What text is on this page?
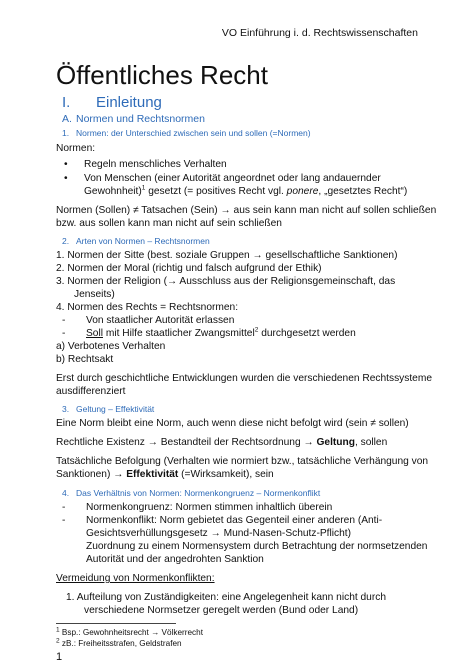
VO Einführung i. d. Rechtswissenschaften
Öffentliches Recht
I. Einleitung
A. Normen und Rechtsnormen
1. Normen: der Unterschied zwischen sein und sollen (=Normen)
Normen:
• Regeln menschliches Verhalten
• Von Menschen (einer Autorität angeordnet oder lang andauernder
Gewohnheit)$^1$ gesetzt (= positives Recht vgl. ponere, „gesetztes Recht“)
Normen (Sollen) ≠ Tatsachen (Sein) → aus sein kann man nicht auf sollen schließen
bzw. aus sollen kann man nicht auf sein schließen
2. Arten von Normen – Rechtsnormen
1. Normen der Sitte (best. soziale Gruppen → gesellschaftliche Sanktionen)
2. Normen der Moral (richtig und falsch aufgrund der Ethik)
3. Normen der Religion (→ Ausschluss aus der Religionsgemeinschaft, das
Jenseits)
4. Normen des Rechts = Rechtsnormen:
- Von staatlicher Autorität erlassen
- Soll mit Hilfe staatlicher Zwangsmittel$^2$ durchgesetzt werden
a) Verbotenes Verhalten
b) Rechtsakt
Erst durch geschichtliche Entwicklungen wurden die verschiedenen Rechtssysteme
ausdifferenziert
3. Geltung – Effektivität
Eine Norm bleibt eine Norm, auch wenn diese nicht befolgt wird (sein ≠ sollen)
Rechtliche Existenz → Bestandteil der Rechtsordnung → Geltung, sollen
Tatsächliche Befolgung (Verhalten wie normiert bzw., tatsächliche Verhängung von
Sanktionen) → Effektivität (=Wirksamkeit), sein
4. Das Verhältnis von Normen: Normenkongruenz – Normenkonflikt
- Normenkongruenz: Normen stimmen inhaltlich überein
- Normenkonflikt: Norm gebietet das Gegenteil einer anderen (Anti-
Gesichtsverhüllungsgesetz → Mund-Nasen-Schutz-Pflicht)
Zuordnung zu einem Normensystem durch Betrachtung der normsetzenden
Autorität und der angedrohten Sanktion
Vermeidung von Normenkonflikten:
1. Aufteilung von Zuständigkeiten: eine Angelegenheit kann nicht durch
verschiedene Normsetzer geregelt werden (Bund oder Land)
$^1$ Bsp.: Gewohnheitsrecht → Völkerrecht
$^2$ zB.: Freiheitsstrafen, Geldstrafen
1
